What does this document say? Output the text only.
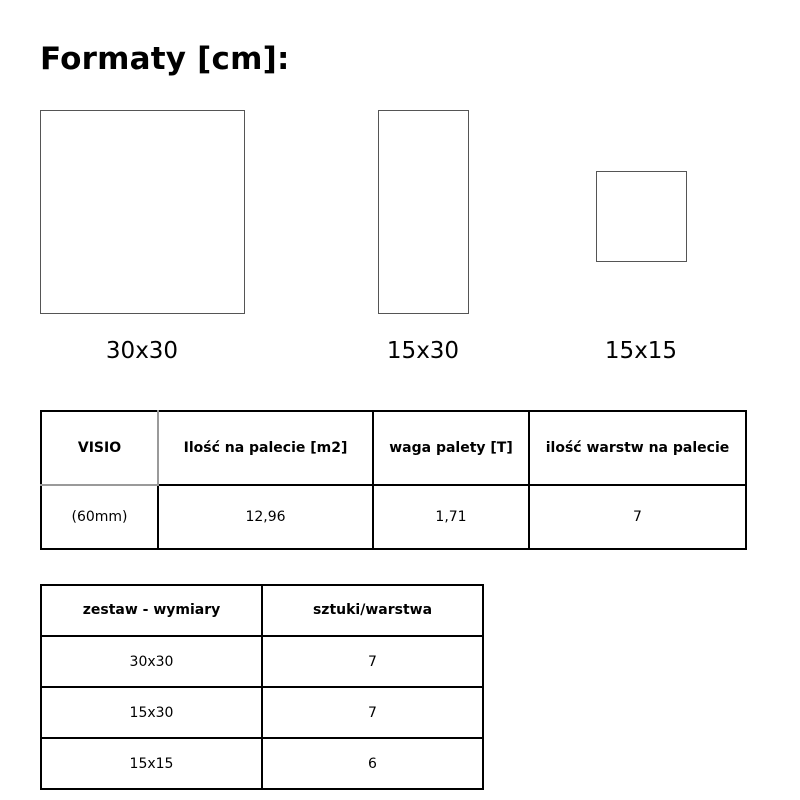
Formaty [cm]:
30x30	15x30	15x15
VISIO	Ilość na palecie [m2]	waga palety [T]	ilość warstw na palecie
(60mm)	12,96	1,71	7
zestaw - wymiary	sztuki/warstwa
30x30	7
15x30	7
15x15	6
